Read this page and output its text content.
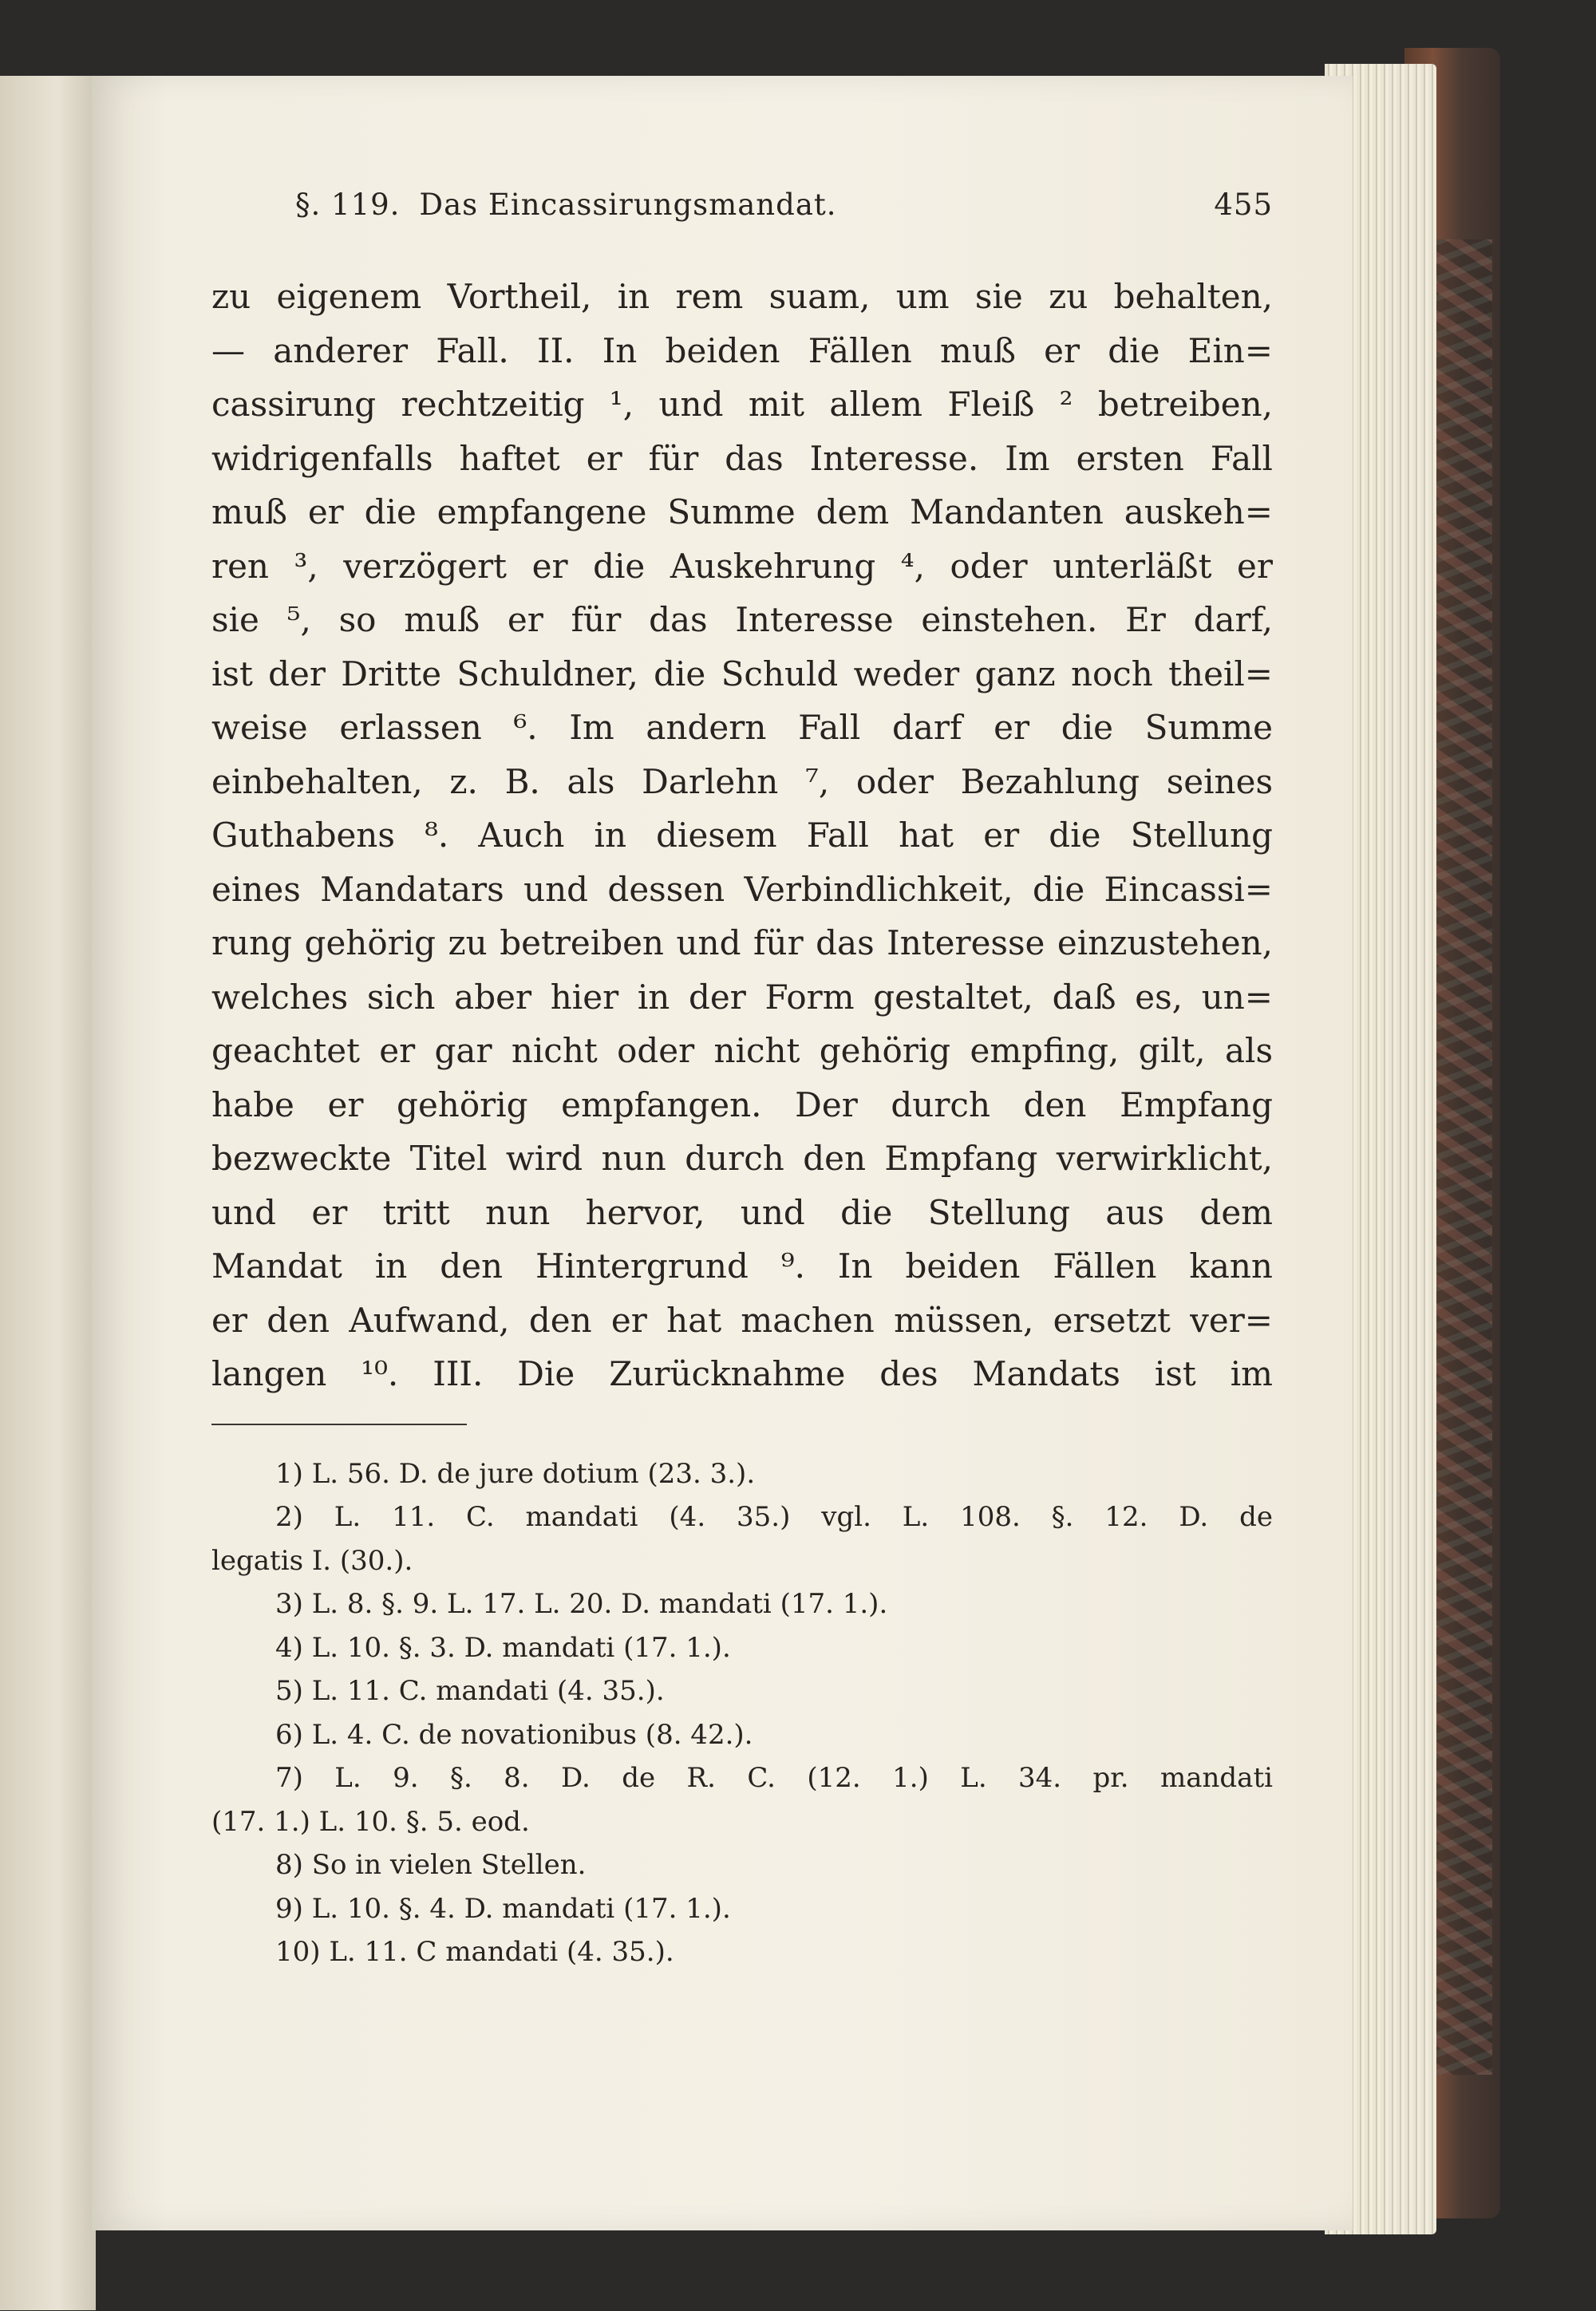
§. 119. Das Eincassirungsmandat.	455
zu eigenem Vortheil, in rem suam, um sie zu behalten,
— anderer Fall. II. In beiden Fällen muß er die Ein=
cassirung rechtzeitig ¹, und mit allem Fleiß ² betreiben,
widrigenfalls haftet er für das Interesse. Im ersten Fall
muß er die empfangene Summe dem Mandanten auskeh=
ren ³, verzögert er die Auskehrung ⁴, oder unterläßt er
sie ⁵, so muß er für das Interesse einstehen. Er darf,
ist der Dritte Schuldner, die Schuld weder ganz noch theil=
weise erlassen ⁶. Im andern Fall darf er die Summe
einbehalten, z. B. als Darlehn ⁷, oder Bezahlung seines
Guthabens ⁸. Auch in diesem Fall hat er die Stellung
eines Mandatars und dessen Verbindlichkeit, die Eincassi=
rung gehörig zu betreiben und für das Interesse einzustehen,
welches sich aber hier in der Form gestaltet, daß es, un=
geachtet er gar nicht oder nicht gehörig empfing, gilt, als
habe er gehörig empfangen. Der durch den Empfang
bezweckte Titel wird nun durch den Empfang verwirklicht,
und er tritt nun hervor, und die Stellung aus dem
Mandat in den Hintergrund ⁹. In beiden Fällen kann
er den Aufwand, den er hat machen müssen, ersetzt ver=
langen ¹⁰. III. Die Zurücknahme des Mandats ist im
1) L. 56. D. de jure dotium (23. 3.).
2) L. 11. C. mandati (4. 35.) vgl. L. 108. §. 12. D. de
legatis I. (30.).
3) L. 8. §. 9. L. 17. L. 20. D. mandati (17. 1.).
4) L. 10. §. 3. D. mandati (17. 1.).
5) L. 11. C. mandati (4. 35.).
6) L. 4. C. de novationibus (8. 42.).
7) L. 9. §. 8. D. de R. C. (12. 1.) L. 34. pr. mandati
(17. 1.) L. 10. §. 5. eod.
8) So in vielen Stellen.
9) L. 10. §. 4. D. mandati (17. 1.).
10) L. 11. C mandati (4. 35.).
